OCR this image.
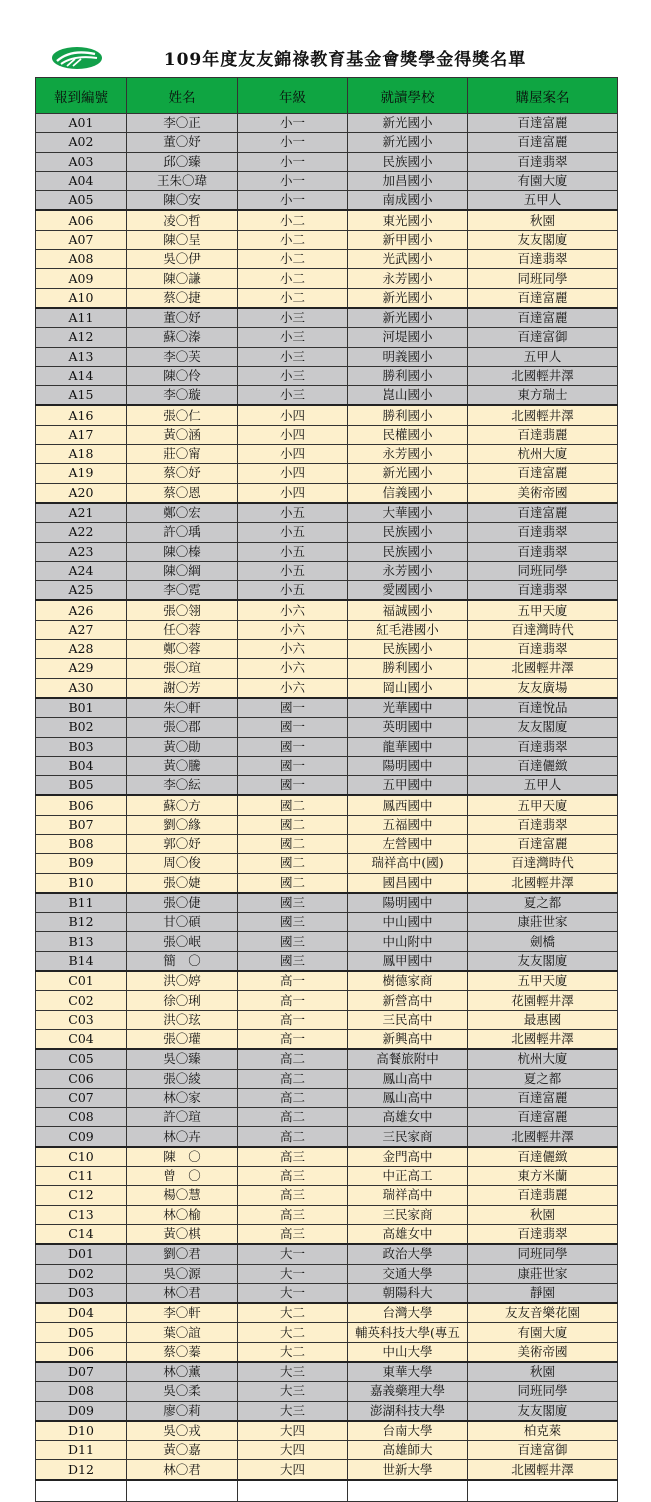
109年度友友錦祿教育基金會獎學金得獎名單
報到編號	姓名	年級	就讀學校	購屋案名
A01	李〇正	小一	新光國小	百達富麗
A02	董〇妤	小一	新光國小	百達富麗
A03	邱〇臻	小一	民族國小	百達翡翠
A04	王朱〇瑋	小一	加昌國小	有園大廈
A05	陳〇安	小一	南成國小	五甲人
A06	凌〇哲	小二	東光國小	秋園
A07	陳〇呈	小二	新甲國小	友友閣廈
A08	吳〇伊	小二	光武國小	百達翡翠
A09	陳〇謙	小二	永芳國小	同班同學
A10	蔡〇捷	小二	新光國小	百達富麗
A11	董〇妤	小三	新光國小	百達富麗
A12	蘇〇溱	小三	河堤國小	百達富御
A13	李〇芙	小三	明義國小	五甲人
A14	陳〇伶	小三	勝利國小	北國輕井澤
A15	李〇璇	小三	崑山國小	東方瑞士
A16	張〇仁	小四	勝利國小	北國輕井澤
A17	黃〇涵	小四	民權國小	百達翡麗
A18	莊〇甯	小四	永芳國小	杭州大廈
A19	蔡〇妤	小四	新光國小	百達富麗
A20	蔡〇恩	小四	信義國小	美術帝國
A21	鄭〇宏	小五	大華國小	百達富麗
A22	許〇瑀	小五	民族國小	百達翡翠
A23	陳〇榛	小五	民族國小	百達翡翠
A24	陳〇綱	小五	永芳國小	同班同學
A25	李〇霓	小五	愛國國小	百達翡翠
A26	張〇翎	小六	福誠國小	五甲天廈
A27	任〇蓉	小六	紅毛港國小	百達灣時代
A28	鄭〇蓉	小六	民族國小	百達翡翠
A29	張〇瑄	小六	勝利國小	北國輕井澤
A30	謝〇芳	小六	岡山國小	友友廣場
B01	朱〇軒	國一	光華國中	百達悅品
B02	張〇郡	國一	英明國中	友友閣廈
B03	黃〇勛	國一	龍華國中	百達翡翠
B04	黃〇騰	國一	陽明國中	百達儷緻
B05	李〇紜	國一	五甲國中	五甲人
B06	蘇〇方	國二	鳳西國中	五甲天廈
B07	劉〇緣	國二	五福國中	百達翡翠
B08	郭〇妤	國二	左營國中	百達富麗
B09	周〇俊	國二	瑞祥高中(國)	百達灣時代
B10	張〇婕	國二	國昌國中	北國輕井澤
B11	張〇倢	國三	陽明國中	夏之都
B12	甘〇碩	國三	中山國中	康莊世家
B13	張〇岷	國三	中山附中	劍橋
B14	簡　〇	國三	鳳甲國中	友友閣廈
C01	洪〇婷	高一	樹德家商	五甲天廈
C02	徐〇琍	高一	新營高中	花園輕井澤
C03	洪〇玹	高一	三民高中	最惠國
C04	張〇瓘	高一	新興高中	北國輕井澤
C05	吳〇臻	高二	高餐旅附中	杭州大廈
C06	張〇綾	高二	鳳山高中	夏之都
C07	林〇家	高二	鳳山高中	百達富麗
C08	許〇瑄	高二	高雄女中	百達富麗
C09	林〇卉	高二	三民家商	北國輕井澤
C10	陳　〇	高三	金門高中	百達儷緻
C11	曾　〇	高三	中正高工	東方米蘭
C12	楊〇慧	高三	瑞祥高中	百達翡麗
C13	林〇榆	高三	三民家商	秋園
C14	黃〇棋	高三	高雄女中	百達翡翠
D01	劉〇君	大一	政治大學	同班同學
D02	吳〇源	大一	交通大學	康莊世家
D03	林〇君	大一	朝陽科大	靜園
D04	李〇軒	大二	台灣大學	友友音樂花園
D05	葉〇誼	大二	輔英科技大學(專五	有園大廈
D06	蔡〇蓁	大二	中山大學	美術帝國
D07	林〇薰	大三	東華大學	秋園
D08	吳〇柔	大三	嘉義藥理大學	同班同學
D09	廖〇莉	大三	澎湖科技大學	友友閣廈
D10	吳〇戎	大四	台南大學	柏克萊
D11	黃〇嘉	大四	高雄師大	百達富御
D12	林〇君	大四	世新大學	北國輕井澤
